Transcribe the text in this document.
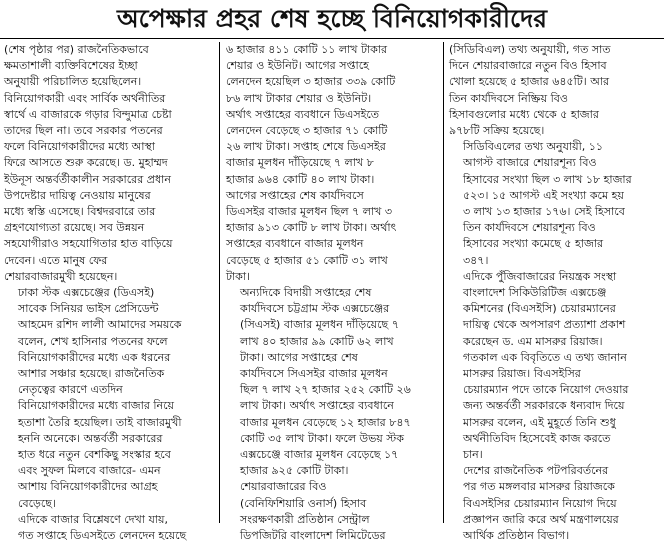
অপেক্ষার প্রহর শেষ হচ্ছে বিনিয়োগকারীদের
(শেষ পৃষ্ঠার পর) রাজনৈতিকভাবে
ক্ষমতাশালী ব্যক্তিবিশেষের ইচ্ছা
অনুযায়ী পরিচালিত হয়েছিলেন।
বিনিয়োগকারী এবং সার্বিক অর্থনীতির
স্বার্থে এ বাজারকে গড়ার বিন্দুমাত্র চেষ্টা
তাদের ছিল না। তবে সরকার পতনের
ফলে বিনিয়োগকারীদের মধ্যে আস্থা
ফিরে আসতে শুরু করেছে। ড. মুহাম্মদ
ইউনূস অন্তর্বর্তীকালীন সরকারের প্রধান
উপদেষ্টার দায়িত্ব নেওয়ায় মানুষের
মধ্যে স্বস্তি এসেছে। বিশ্বদরবারে তার
গ্রহণযোগ্যতা রয়েছে। সব উন্নয়ন
সহযোগীরাও সহযোগিতার হাত বাড়িয়ে
দেবেন। এতে মানুষ ফের
শেয়ারবাজারমুখী হয়েছেন।
ঢাকা স্টক এক্সচেঞ্জের (ডিএসই)
সাবেক সিনিয়র ভাইস প্রেসিডেন্ট
আহমেদ রশিদ লালী আমাদের সময়কে
বলেন, শেখ হাসিনার পতনের ফলে
বিনিয়োগকারীদের মধ্যে এক ধরনের
আশার সঞ্চার হয়েছে। রাজনৈতিক
নেতৃত্বের কারণে এতদিন
বিনিয়োগকারীদের মধ্যে বাজার নিয়ে
হতাশা তৈরি হয়েছিল। তাই বাজারমুখী
হননি অনেকে। অন্তর্বর্তী সরকারের
হাত ধরে নতুন বেশকিছু সংস্কার হবে
এবং সুফল মিলবে বাজারে- এমন
আশায় বিনিয়োগকারীদের আগ্রহ
বেড়েছে।
এদিকে বাজার বিশ্লেষণে দেখা যায়,
গত সপ্তাহে ডিএসইতে লেনদেন হয়েছে
৬ হাজার ৪১১ কোটি ১১ লাখ টাকার
শেয়ার ও ইউনিট। আগের সপ্তাহে
লেনদেন হয়েছিল ৩ হাজার ৩৩৯ কোটি
৮৬ লাখ টাকার শেয়ার ও ইউনিট।
অর্থাৎ সপ্তাহের ব্যবধানে ডিএসইতে
লেনদেন বেড়েছে ৩ হাজার ৭১ কোটি
২৬ লাখ টাকা। সপ্তাহ শেষে ডিএসইর
বাজার মূলধন দাঁড়িয়েছে ৭ লাখ ৮
হাজার ৯৬৪ কোটি ৪০ লাখ টাকা।
আগের সপ্তাহের শেষ কার্যদিবসে
ডিএসইর বাজার মূলধন ছিল ৭ লাখ ৩
হাজার ৯১৩ কোটি ৮ লাখ টাকা। অর্থাৎ
সপ্তাহের ব্যবধানে বাজার মূলধন
বেড়েছে ৫ হাজার ৫১ কোটি ৩১ লাখ
টাকা।
অন্যদিকে বিদায়ী সপ্তাহের শেষ
কার্যদিবসে চট্টগ্রাম স্টক এক্সচেঞ্জের
(সিএসই) বাজার মূলধন দাঁড়িয়েছে ৭
লাখ ৪০ হাজার ৯৯ কোটি ৬২ লাখ
টাকা। আগের সপ্তাহের শেষ
কার্যদিবসে সিএসইর বাজার মূলধন
ছিল ৭ লাখ ২৭ হাজার ২৫২ কোটি ২৬
লাখ টাকা। অর্থাৎ সপ্তাহের ব্যবধানে
বাজার মূলধন বেড়েছে ১২ হাজার ৮৪৭
কোটি ৩৫ লাখ টাকা। ফলে উভয় স্টক
এক্সচেঞ্জে বাজার মূলধন বেড়েছে ১৭
হাজার ৯২৫ কোটি টাকা।
শেয়ারবাজারের বিও
(বেনিফিশিয়ারি ওনার্স) হিসাব
সংরক্ষণকারী প্রতিষ্ঠান সেন্ট্রাল
ডিপজিটরি বাংলাদেশ লিমিটেডের
(সিডিবিএল) তথ্য অনুযায়ী, গত সাত
দিনে শেয়ারবাজারে নতুন বিও হিসাব
খোলা হয়েছে ৫ হাজার ৬৪৫টি। আর
তিন কার্যদিবসে নিষ্ক্রিয় বিও
হিসাবগুলোর মধ্যে থেকে ৫ হাজার
৯৭৮টি সক্রিয় হয়েছে।
সিডিবিএলের তথ্য অনুযায়ী, ১১
আগস্ট বাজারে শেয়ারশূন্য বিও
হিসাবের সংখ্যা ছিল ৩ লাখ ১৮ হাজার
৫২৩। ১৫ আগস্ট এই সংখ্যা কমে হয়
৩ লাখ ১৩ হাজার ১৭৬। সেই হিসাবে
তিন কার্যদিবসে শেয়ারশূন্য বিও
হিসাবের সংখ্যা কমেছে ৫ হাজার
৩৪৭।
এদিকে পুঁজিবাজারের নিয়ন্ত্রক সংস্থা
বাংলাদেশ সিকিউরিটিজ এক্সচেঞ্জ
কমিশনের (বিএসইসি) চেয়ারম্যানের
দায়িত্ব থেকে অপসারণ প্রত্যাশা প্রকাশ
করেছেন ড. এম মাসরুর রিয়াজ।
গতকাল এক বিবৃতিতে এ তথ্য জানান
মাসরুর রিয়াজ। বিএসইসির
চেয়ারম্যান পদে তাকে নিয়োগ দেওয়ার
জন্য অন্তর্বর্তী সরকারকে ধন্যবাদ দিয়ে
মাসরুর বলেন, এই মুহূর্তে তিনি শুধু
অর্থনীতিবিদ হিসেবেই কাজ করতে
চান।
দেশের রাজনৈতিক পটপরিবর্তনের
পর গত মঙ্গলবার মাসরুর রিয়াজকে
বিএসইসির চেয়ারম্যান নিয়োগ দিয়ে
প্রজ্ঞাপন জারি করে অর্থ মন্ত্রণালয়ের
আর্থিক প্রতিষ্ঠান বিভাগ।
